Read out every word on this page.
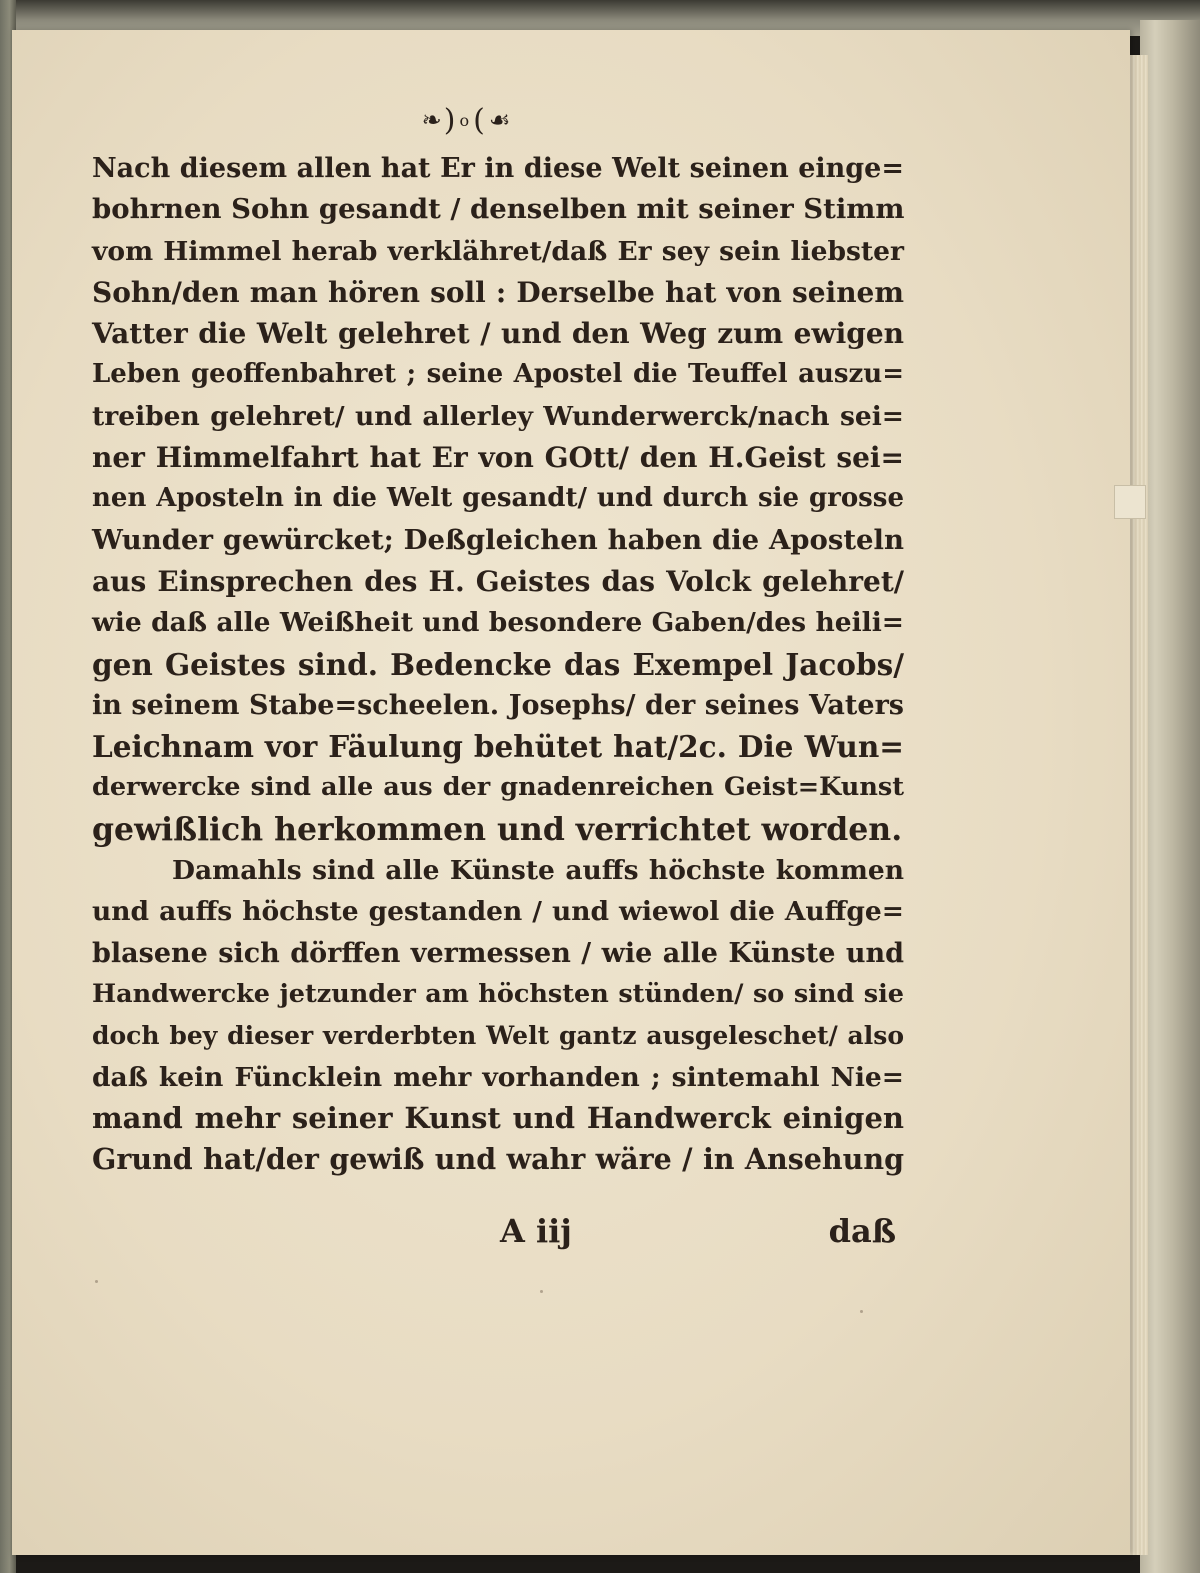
❧ ) o ( ☙
Nach diesem allen hat Er in diese Welt seinen einge=
bohrnen Sohn gesandt / denselben mit seiner Stimm
vom Himmel herab verklähret/daß Er sey sein liebster
Sohn/den man hören soll : Derselbe hat von seinem
Vatter die Welt gelehret / und den Weg zum ewigen
Leben geoffenbahret ; seine Apostel die Teuffel auszu=
treiben gelehret/ und allerley Wunderwerck/nach sei=
ner Himmelfahrt hat Er von GOtt/ den H.Geist sei=
nen Aposteln in die Welt gesandt/ und durch sie grosse
Wunder gewürcket; Deßgleichen haben die Aposteln
aus Einsprechen des H. Geistes das Volck gelehret/
wie daß alle Weißheit und besondere Gaben/des heili=
gen Geistes sind. Bedencke das Exempel Jacobs/
in seinem Stabe=scheelen. Josephs/ der seines Vaters
Leichnam vor Fäulung behütet hat/2c. Die Wun=
derwercke sind alle aus der gnadenreichen Geist=Kunst
gewißlich herkommen und verrichtet worden.
Damahls sind alle Künste auffs höchste kommen
und auffs höchste gestanden / und wiewol die Auffge=
blasene sich dörffen vermessen / wie alle Künste und
Handwercke jetzunder am höchsten stünden/ so sind sie
doch bey dieser verderbten Welt gantz ausgeleschet/ also
daß kein Füncklein mehr vorhanden ; sintemahl Nie=
mand mehr seiner Kunst und Handwerck einigen
Grund hat/der gewiß und wahr wäre / in Ansehung
A iij	daß
